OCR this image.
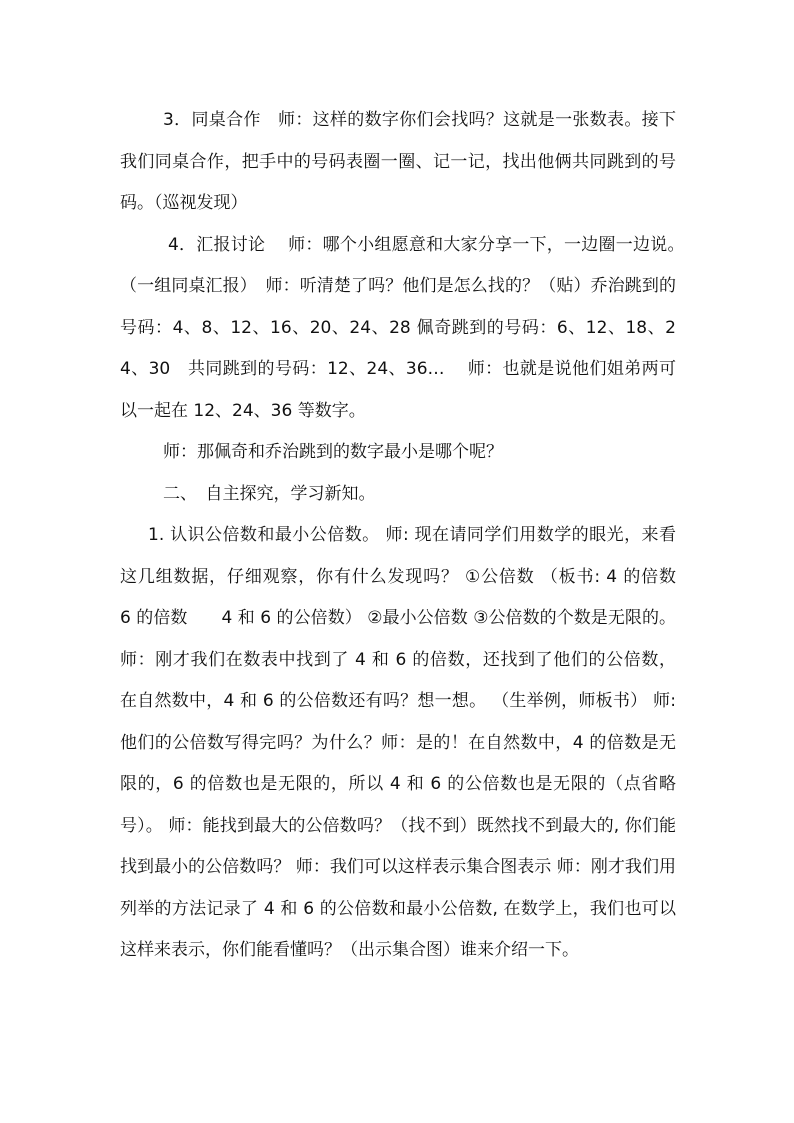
3．同桌合作　师：这样的数字你们会找吗？这就是一张数表。接下我们同桌合作，把手中的号码表圈一圈、记一记，找出他俩共同跳到的号码。（巡视发现）

4．汇报讨论　 师：哪个小组愿意和大家分享一下，一边圈一边说。　（一组同桌汇报）　师：听清楚了吗？他们是怎么找的？（贴）乔治跳到的号码：4、8、12、16、20、24、28 佩奇跳到的号码：6、12、18、24、30　共同跳到的号码：12、24、36… 　师：也就是说他们姐弟两可以一起在 12、24、36 等数字。

师：那佩奇和乔治跳到的数字最小是哪个呢？

二、　自主探究，学习新知。

1. 认识公倍数和最小公倍数。 师: 现在请同学们用数学的眼光，来看这几组数据，仔细观察，你有什么发现吗？ ①公倍数 （板书: 4 的倍数　　6 的倍数　　4 和 6 的公倍数） ②最小公倍数 ③公倍数的个数是无限的。 师：刚才我们在数表中找到了 4 和 6 的倍数，还找到了他们的公倍数， 在自然数中，4 和 6 的公倍数还有吗？想一想。 （生举例，师板书） 师: 他们的公倍数写得完吗？为什么？师：是的！在自然数中，4 的倍数是无限的，6 的倍数也是无限的，所以 4 和 6 的公倍数也是无限的（点省略号）。 师：能找到最大的公倍数吗？（找不到）既然找不到最大的, 你们能找到最小的公倍数吗？ 师：我们可以这样表示集合图表示 师：刚才我们用列举的方法记录了 4 和 6 的公倍数和最小公倍数, 在数学上，我们也可以这样来表示，你们能看懂吗？（出示集合图）谁来介绍一下。
